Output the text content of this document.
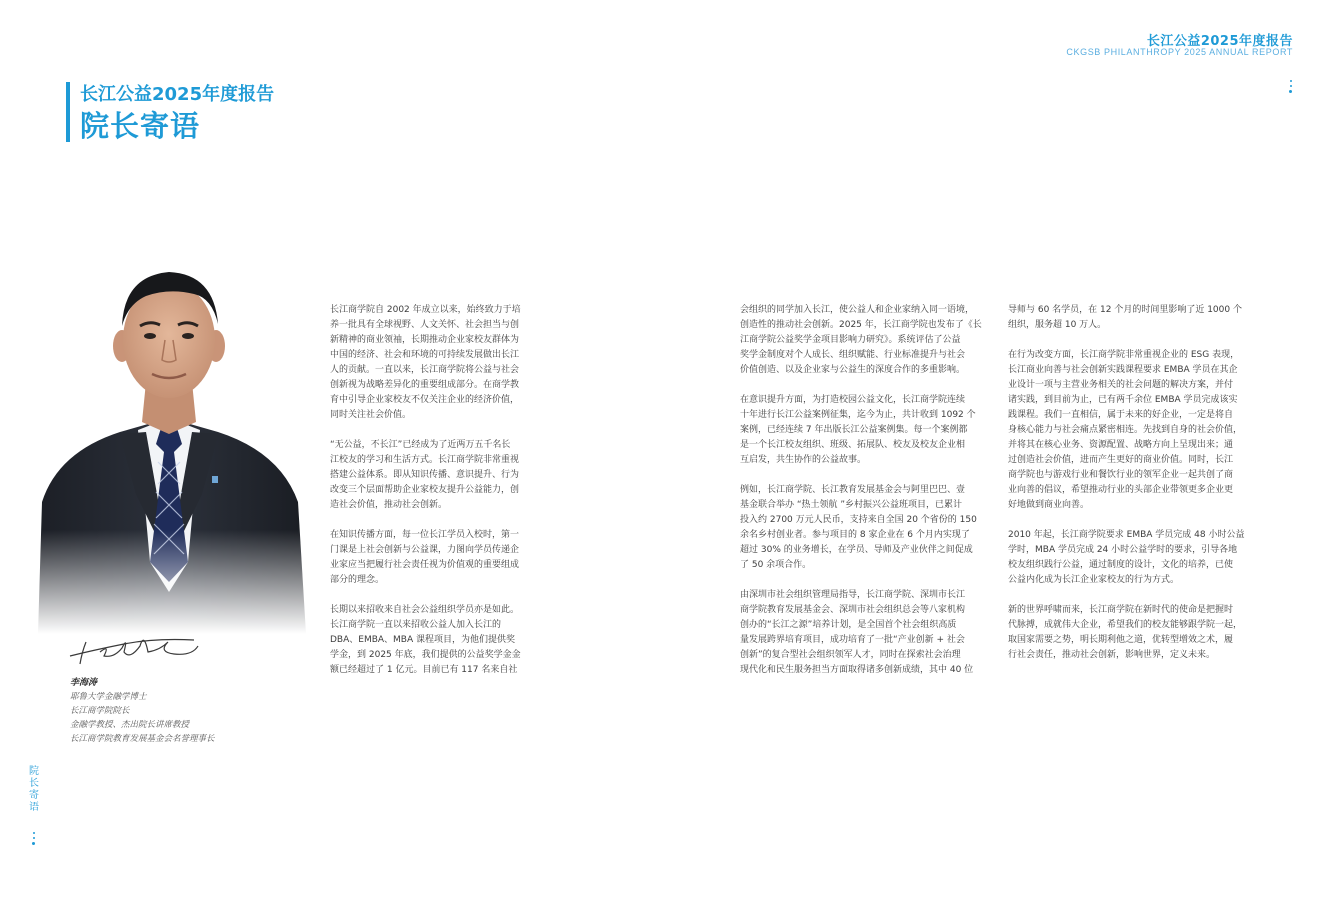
长江公益2025年度报告
CKGSB PHILANTHROPY 2025 ANNUAL REPORT
长江公益2025年度报告
院长寄语
李海涛
耶鲁大学金融学博士
长江商学院院长
金融学教授、杰出院长讲席教授
长江商学院教育发展基金会名誉理事长
院长寄语

长江商学院自 2002 年成立以来，始终致力于培
养一批具有全球视野、人文关怀、社会担当与创
新精神的商业领袖，长期推动企业家校友群体为
中国的经济、社会和环境的可持续发展做出长江
人的贡献。一直以来，长江商学院将公益与社会
创新视为战略差异化的重要组成部分。在商学教
育中引导企业家校友不仅关注企业的经济价值，
同时关注社会价值。

“无公益，不长江”已经成为了近两万五千名长
江校友的学习和生活方式。长江商学院非常重视
搭建公益体系。即从知识传播、意识提升、行为
改变三个层面帮助企业家校友提升公益能力，创
造社会价值，推动社会创新。

在知识传播方面，每一位长江学员入校时，第一
门课是上社会创新与公益课，力图向学员传递企
业家应当把履行社会责任视为价值观的重要组成
部分的理念。

长期以来招收来自社会公益组织学员亦是如此。
长江商学院一直以来招收公益人加入长江的
DBA、EMBA、MBA 课程项目，为他们提供奖
学金，到 2025 年底，我们提供的公益奖学金金
额已经超过了 1 亿元。目前已有 117 名来自社

会组织的同学加入长江，使公益人和企业家纳入同一语境，
创造性的推动社会创新。2025 年，长江商学院也发布了《长
江商学院公益奖学金项目影响力研究》。系统评估了公益
奖学金制度对个人成长、组织赋能、行业标准提升与社会
价值创造、以及企业家与公益生的深度合作的多重影响。

在意识提升方面，为打造校园公益文化，长江商学院连续
十年进行长江公益案例征集，迄今为止，共计收到 1092 个
案例，已经连续 7 年出版长江公益案例集。每一个案例都
是一个长江校友组织、班级、拓展队、校友及校友企业相
互启发，共生协作的公益故事。

例如，长江商学院、长江教育发展基金会与阿里巴巴、壹
基金联合举办 “热土领航 ”乡村振兴公益班项目，已累计
投入约 2700 万元人民币，支持来自全国 20 个省份的 150
余名乡村创业者。参与项目的 8 家企业在 6 个月内实现了
超过 30% 的业务增长，在学员、导师及产业伙伴之间促成
了 50 余项合作。

由深圳市社会组织管理局指导，长江商学院、深圳市长江
商学院教育发展基金会、深圳市社会组织总会等八家机构
创办的“长江之源”培养计划，是全国首个社会组织高质
量发展跨界培育项目，成功培育了一批“产业创新 + 社会
创新”的复合型社会组织领军人才，同时在探索社会治理
现代化和民生服务担当方面取得诸多创新成绩，其中 40 位

导师与 60 名学员，在 12 个月的时间里影响了近 1000 个
组织，服务超 10 万人。

在行为改变方面，长江商学院非常重视企业的 ESG 表现，
长江商业向善与社会创新实践课程要求 EMBA 学员在其企
业设计一项与主营业务相关的社会问题的解决方案，并付
诸实践，到目前为止，已有两千余位 EMBA 学员完成该实
践课程。我们一直相信，属于未来的好企业，一定是将自
身核心能力与社会痛点紧密相连。先找到自身的社会价值，
并将其在核心业务、资源配置、战略方向上呈现出来；通
过创造社会价值，进而产生更好的商业价值。同时，长江
商学院也与游戏行业和餐饮行业的领军企业一起共创了商
业向善的倡议，希望推动行业的头部企业带领更多企业更
好地做到商业向善。

2010 年起，长江商学院要求 EMBA 学员完成 48 小时公益
学时，MBA 学员完成 24 小时公益学时的要求，引导各地
校友组织践行公益，通过制度的设计，文化的培养，已使
公益内化成为长江企业家校友的行为方式。

新的世界呼啸而来，长江商学院在新时代的使命是把握时
代脉搏，成就伟大企业，希望我们的校友能够跟学院一起，
取国家需要之势，明长期利他之道，优转型增效之术，履
行社会责任，推动社会创新，影响世界，定义未来。
